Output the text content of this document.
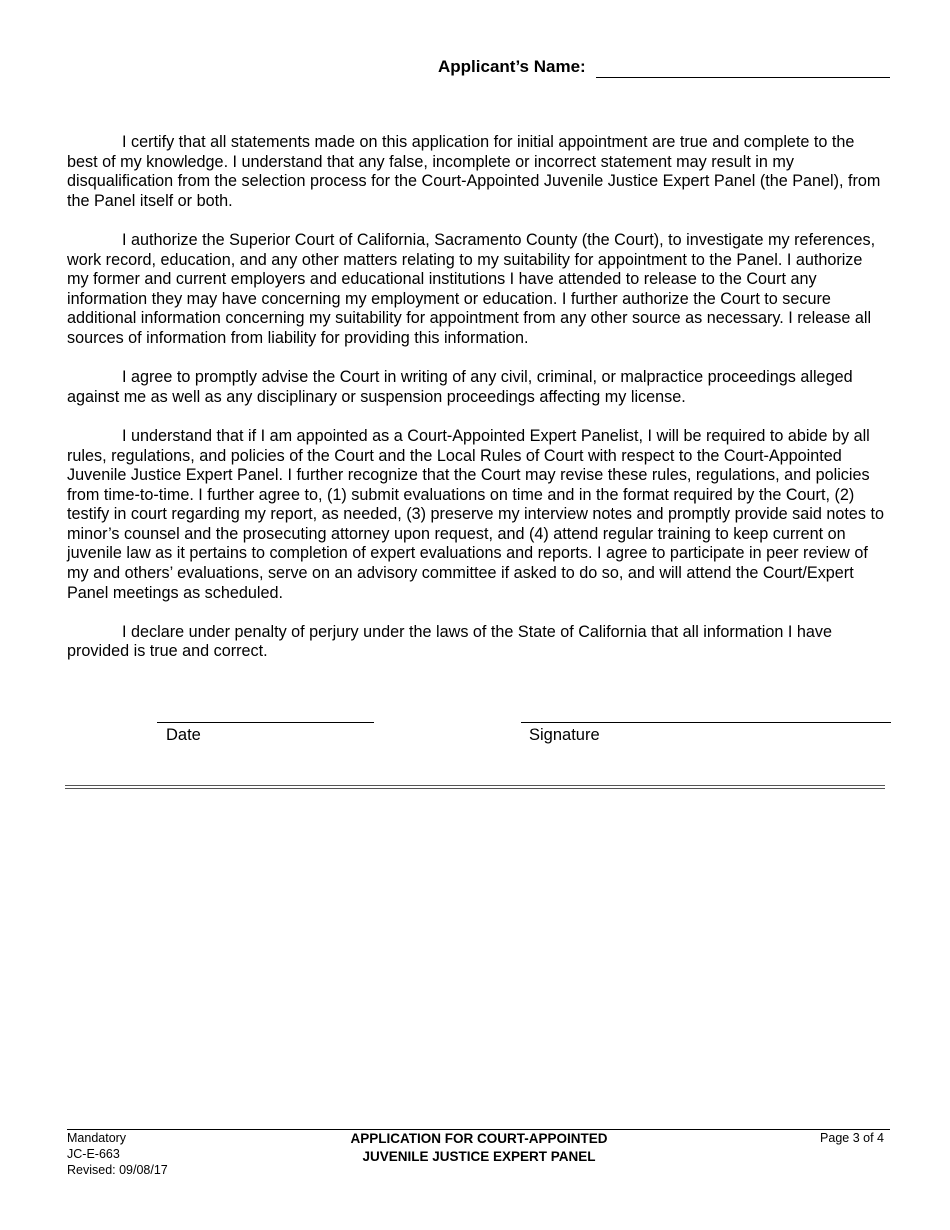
Applicant’s Name:

I certify that all statements made on this application for initial appointment are true and complete to the best of my knowledge. I understand that any false, incomplete or incorrect statement may result in my disqualification from the selection process for the Court-Appointed Juvenile Justice Expert Panel (the Panel), from the Panel itself or both.

I authorize the Superior Court of California, Sacramento County (the Court), to investigate my references, work record, education, and any other matters relating to my suitability for appointment to the Panel. I authorize my former and current employers and educational institutions I have attended to release to the Court any information they may have concerning my employment or education. I further authorize the Court to secure additional information concerning my suitability for appointment from any other source as necessary. I release all sources of information from liability for providing this information.

I agree to promptly advise the Court in writing of any civil, criminal, or malpractice proceedings alleged against me as well as any disciplinary or suspension proceedings affecting my license.

I understand that if I am appointed as a Court-Appointed Expert Panelist, I will be required to abide by all rules, regulations, and policies of the Court and the Local Rules of Court with respect to the Court-Appointed Juvenile Justice Expert Panel. I further recognize that the Court may revise these rules, regulations, and policies from time-to-time. I further agree to, (1) submit evaluations on time and in the format required by the Court, (2) testify in court regarding my report, as needed, (3) preserve my interview notes and promptly provide said notes to minor’s counsel and the prosecuting attorney upon request, and (4) attend regular training to keep current on juvenile law as it pertains to completion of expert evaluations and reports. I agree to participate in peer review of my and others’ evaluations, serve on an advisory committee if asked to do so, and will attend the Court/Expert Panel meetings as scheduled.

I declare under penalty of perjury under the laws of the State of California that all information I have provided is true and correct.

Date	Signature
Mandatory
JC-E-663
Revised: 09/08/17
APPLICATION FOR COURT-APPOINTED
JUVENILE JUSTICE EXPERT PANEL
Page 3 of 4
